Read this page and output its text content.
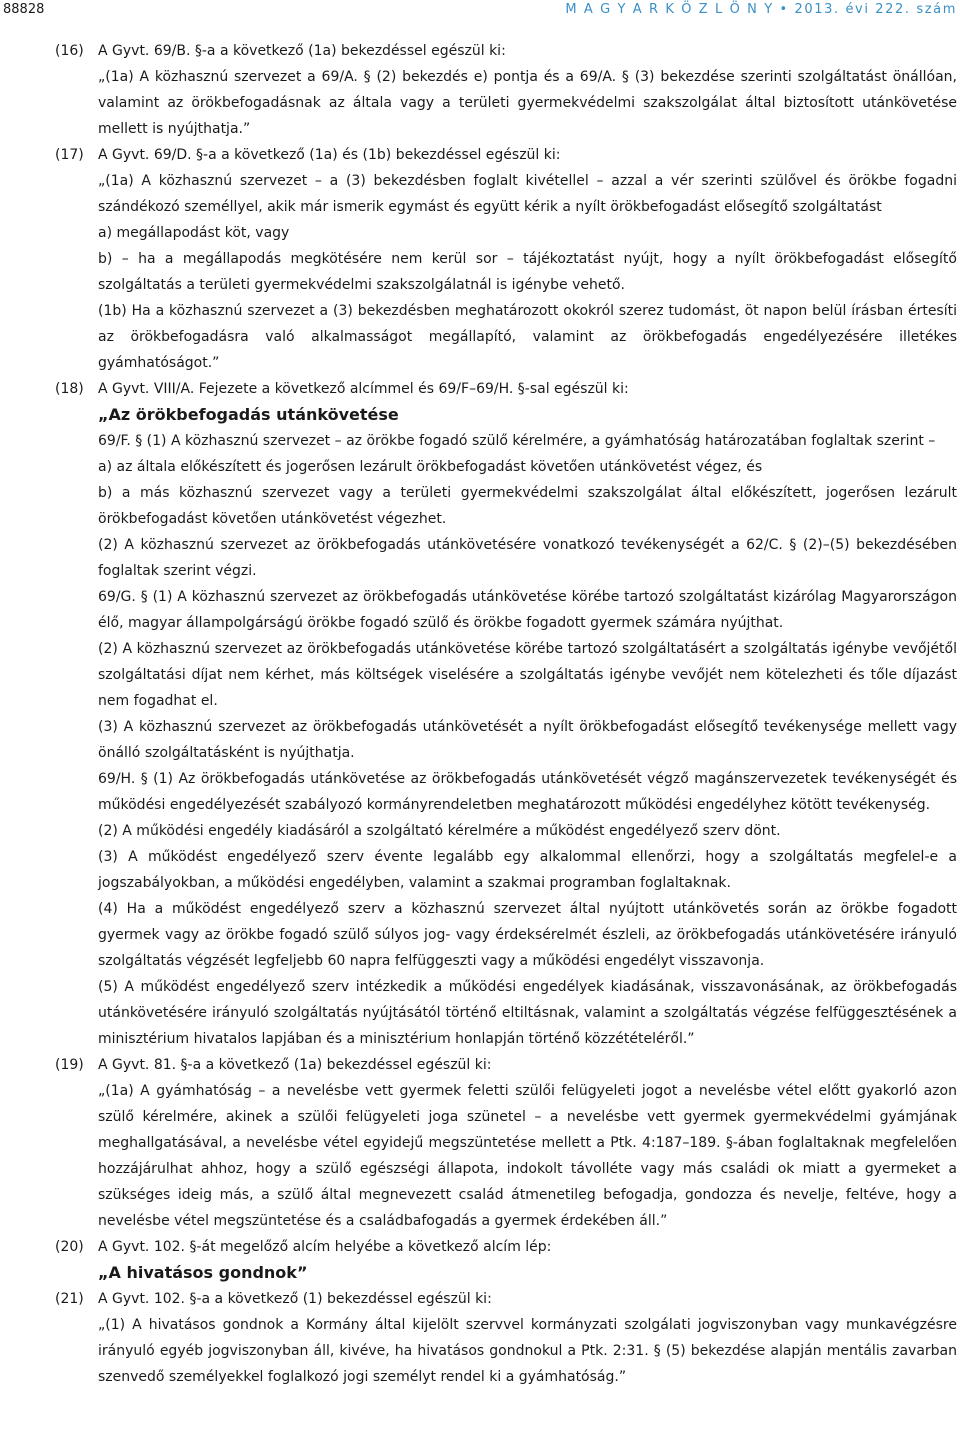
88828	M A G Y A R K Ö Z L Ö N Y • 2013. évi 222. szám
(16)	A Gyvt. 69/B. §-a a következő (1a) bekezdéssel egészül ki:
„(1a) A közhasznú szervezet a 69/A. § (2) bekezdés e) pontja és a 69/A. § (3) bekezdése szerinti szolgáltatást önállóan, valamint az örökbefogadásnak az általa vagy a területi gyermekvédelmi szakszolgálat által biztosított utánkövetése mellett is nyújthatja.”
(17)	A Gyvt. 69/D. §-a a következő (1a) és (1b) bekezdéssel egészül ki:
„(1a) A közhasznú szervezet – a (3) bekezdésben foglalt kivétellel – azzal a vér szerinti szülővel és örökbe fogadni szándékozó személlyel, akik már ismerik egymást és együtt kérik a nyílt örökbefogadást elősegítő szolgáltatást
a) megállapodást köt, vagy
b) – ha a megállapodás megkötésére nem kerül sor – tájékoztatást nyújt, hogy a nyílt örökbefogadást elősegítő szolgáltatás a területi gyermekvédelmi szakszolgálatnál is igénybe vehető.
(1b) Ha a közhasznú szervezet a (3) bekezdésben meghatározott okokról szerez tudomást, öt napon belül írásban értesíti az örökbefogadásra való alkalmasságot megállapító, valamint az örökbefogadás engedélyezésére illetékes gyámhatóságot.”
(18)	A Gyvt. VIII/A. Fejezete a következő alcímmel és 69/F–69/H. §-sal egészül ki:
„Az örökbefogadás utánkövetése
69/F. § (1) A közhasznú szervezet – az örökbe fogadó szülő kérelmére, a gyámhatóság határozatában foglaltak szerint –
a) az általa előkészített és jogerősen lezárult örökbefogadást követően utánkövetést végez, és
b) a más közhasznú szervezet vagy a területi gyermekvédelmi szakszolgálat által előkészített, jogerősen lezárult örökbefogadást követően utánkövetést végezhet.
(2) A közhasznú szervezet az örökbefogadás utánkövetésére vonatkozó tevékenységét a 62/C. § (2)–(5) bekezdésében foglaltak szerint végzi.
69/G. § (1) A közhasznú szervezet az örökbefogadás utánkövetése körébe tartozó szolgáltatást kizárólag Magyarországon élő, magyar állampolgárságú örökbe fogadó szülő és örökbe fogadott gyermek számára nyújthat.
(2) A közhasznú szervezet az örökbefogadás utánkövetése körébe tartozó szolgáltatásért a szolgáltatás igénybe vevőjétől szolgáltatási díjat nem kérhet, más költségek viselésére a szolgáltatás igénybe vevőjét nem kötelezheti és tőle díjazást nem fogadhat el.
(3) A közhasznú szervezet az örökbefogadás utánkövetését a nyílt örökbefogadást elősegítő tevékenysége mellett vagy önálló szolgáltatásként is nyújthatja.
69/H. § (1) Az örökbefogadás utánkövetése az örökbefogadás utánkövetését végző magánszervezetek tevékenységét és működési engedélyezését szabályozó kormányrendeletben meghatározott működési engedélyhez kötött tevékenység.
(2) A működési engedély kiadásáról a szolgáltató kérelmére a működést engedélyező szerv dönt.
(3) A működést engedélyező szerv évente legalább egy alkalommal ellenőrzi, hogy a szolgáltatás megfelel-e a jogszabályokban, a működési engedélyben, valamint a szakmai programban foglaltaknak.
(4) Ha a működést engedélyező szerv a közhasznú szervezet által nyújtott utánkövetés során az örökbe fogadott gyermek vagy az örökbe fogadó szülő súlyos jog- vagy érdeksérelmét észleli, az örökbefogadás utánkövetésére irányuló szolgáltatás végzését legfeljebb 60 napra felfüggeszti vagy a működési engedélyt visszavonja.
(5) A működést engedélyező szerv intézkedik a működési engedélyek kiadásának, visszavonásának, az örökbefogadás utánkövetésére irányuló szolgáltatás nyújtásától történő eltiltásnak, valamint a szolgáltatás végzése felfüggesztésének a minisztérium hivatalos lapjában és a minisztérium honlapján történő közzétételéről.”
(19)	A Gyvt. 81. §-a a következő (1a) bekezdéssel egészül ki:
„(1a) A gyámhatóság – a nevelésbe vett gyermek feletti szülői felügyeleti jogot a nevelésbe vétel előtt gyakorló azon szülő kérelmére, akinek a szülői felügyeleti joga szünetel – a nevelésbe vett gyermek gyermekvédelmi gyámjának meghallgatásával, a nevelésbe vétel egyidejű megszüntetése mellett a Ptk. 4:187–189. §-ában foglaltaknak megfelelően hozzájárulhat ahhoz, hogy a szülő egészségi állapota, indokolt távolléte vagy más családi ok miatt a gyermeket a szükséges ideig más, a szülő által megnevezett család átmenetileg befogadja, gondozza és nevelje, feltéve, hogy a nevelésbe vétel megszüntetése és a családbafogadás a gyermek érdekében áll.”
(20)	A Gyvt. 102. §-át megelőző alcím helyébe a következő alcím lép:
„A hivatásos gondnok”
(21)	A Gyvt. 102. §-a a következő (1) bekezdéssel egészül ki:
„(1) A hivatásos gondnok a Kormány által kijelölt szervvel kormányzati szolgálati jogviszonyban vagy munkavégzésre irányuló egyéb jogviszonyban áll, kivéve, ha hivatásos gondnokul a Ptk. 2:31. § (5) bekezdése alapján mentális zavarban szenvedő személyekkel foglalkozó jogi személyt rendel ki a gyámhatóság.”
